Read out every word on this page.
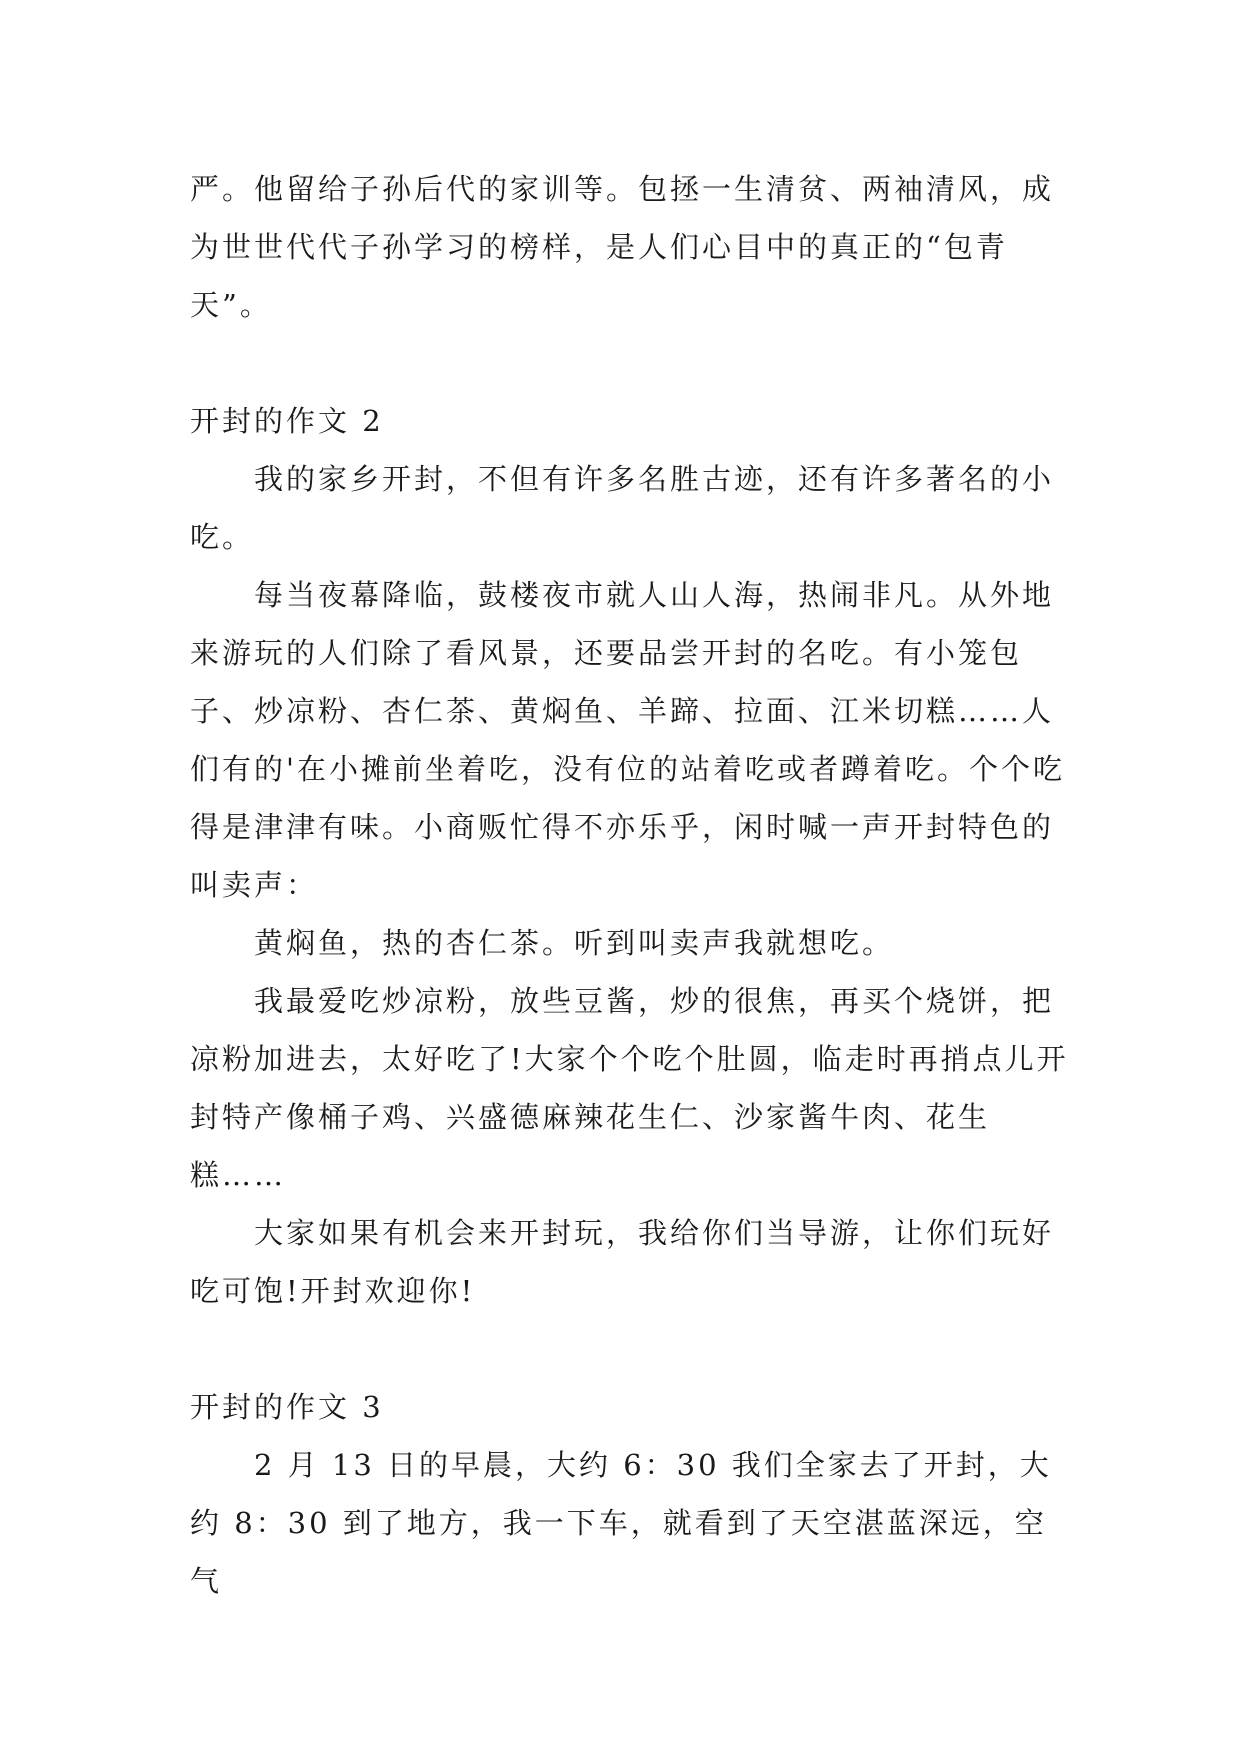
严。他留给子孙后代的家训等。包拯一生清贫、两袖清风，成为世世代代子孙学习的榜样，是人们心目中的真正的“包青天”。

开封的作文 2

我的家乡开封，不但有许多名胜古迹，还有许多著名的小吃。

每当夜幕降临，鼓楼夜市就人山人海，热闹非凡。从外地来游玩的人们除了看风景，还要品尝开封的名吃。有小笼包子、炒凉粉、杏仁茶、黄焖鱼、羊蹄、拉面、江米切糕……人们有的'在小摊前坐着吃，没有位的站着吃或者蹲着吃。个个吃得是津津有味。小商贩忙得不亦乐乎，闲时喊一声开封特色的叫卖声：

黄焖鱼，热的杏仁茶。听到叫卖声我就想吃。

我最爱吃炒凉粉，放些豆酱，炒的很焦，再买个烧饼，把凉粉加进去，太好吃了!大家个个吃个肚圆，临走时再捎点儿开封特产像桶子鸡、兴盛德麻辣花生仁、沙家酱牛肉、花生糕……

大家如果有机会来开封玩，我给你们当导游，让你们玩好吃可饱!开封欢迎你!

开封的作文 3

2 月 13 日的早晨，大约 6：30 我们全家去了开封，大约 8：30 到了地方，我一下车，就看到了天空湛蓝深远，空气
